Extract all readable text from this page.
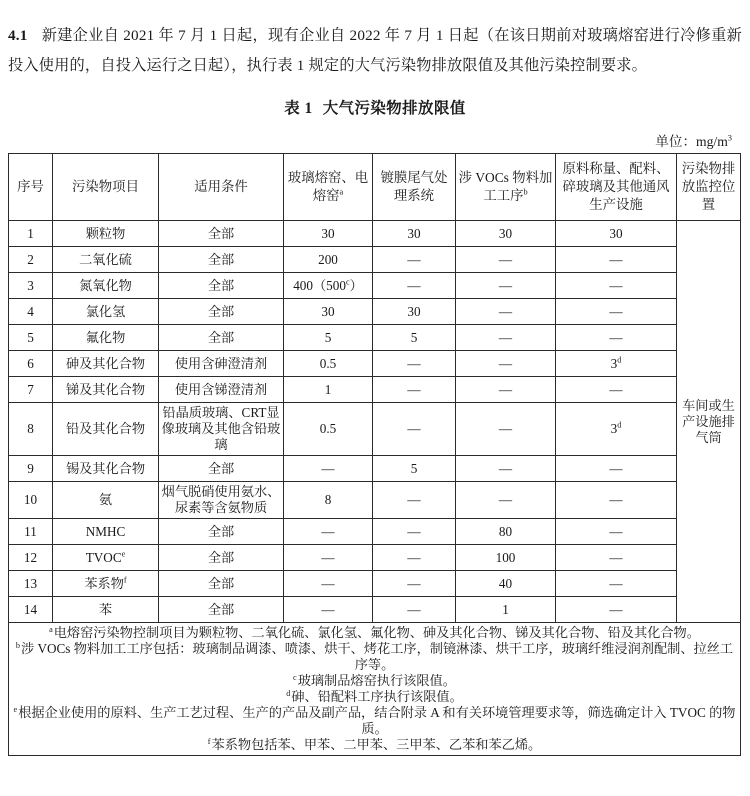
4.1 新建企业自 2021 年 7 月 1 日起，现有企业自 2022 年 7 月 1 日起（在该日期前对玻璃熔窑进行冷修重新投入使用的，自投入运行之日起），执行表 1 规定的大气污染物排放限值及其他污染控制要求。

表 1 大气污染物排放限值
单位：$mg/m^3$
序号	污染物项目	适用条件	玻璃熔窑、电熔窑$^a$	镀膜尾气处理系统	涉 VOCs 物料加工工序$^b$	原料称量、配料、碎玻璃及其他通风生产设施	污染物排放监控位置
1	颗粒物	全部	30	30	30	30	车间或生产设施排气筒
2	二氧化硫	全部	200	—	—	—	
3	氮氧化物	全部	400（500$^c$）	—	—	—	
4	氯化氢	全部	30	30	—	—	
5	氟化物	全部	5	5	—	—	
6	砷及其化合物	使用含砷澄清剂	0.5	—	—	3$^d$
7	锑及其化合物	使用含锑澄清剂	1	—	—	—	
8	铅及其化合物	铅晶质玻璃、CRT显像玻璃及其他含铅玻璃	0.5	—	—	3$^d$
9	锡及其化合物	全部	—	5	—	—	
10	氨	烟气脱硝使用氨水、尿素等含氨物质	8	—	—	—	
11	NMHC	全部	—	—	80	—	
12	TVOC$^e$	全部	—	—	100	—	
13	苯系物$^f$	全部	—	—	40	—	
14	苯	全部	—	—	1	—	

$^a$电熔窑污染物控制项目为颗粒物、二氧化硫、氯化氢、氟化物、砷及其化合物、锑及其化合物、铅及其化合物。
$^b$涉 VOCs 物料加工工序包括：玻璃制品调漆、喷漆、烘干、烤花工序，制镜淋漆、烘干工序，玻璃纤维浸润剂配制、拉丝工序等。
$^c$玻璃制品熔窑执行该限值。
$^d$砷、铅配料工序执行该限值。
$^e$根据企业使用的原料、生产工艺过程、生产的产品及副产品，结合附录 A 和有关环境管理要求等，筛选确定计入 TVOC 的物质。
$^f$苯系物包括苯、甲苯、二甲苯、三甲苯、乙苯和苯乙烯。
